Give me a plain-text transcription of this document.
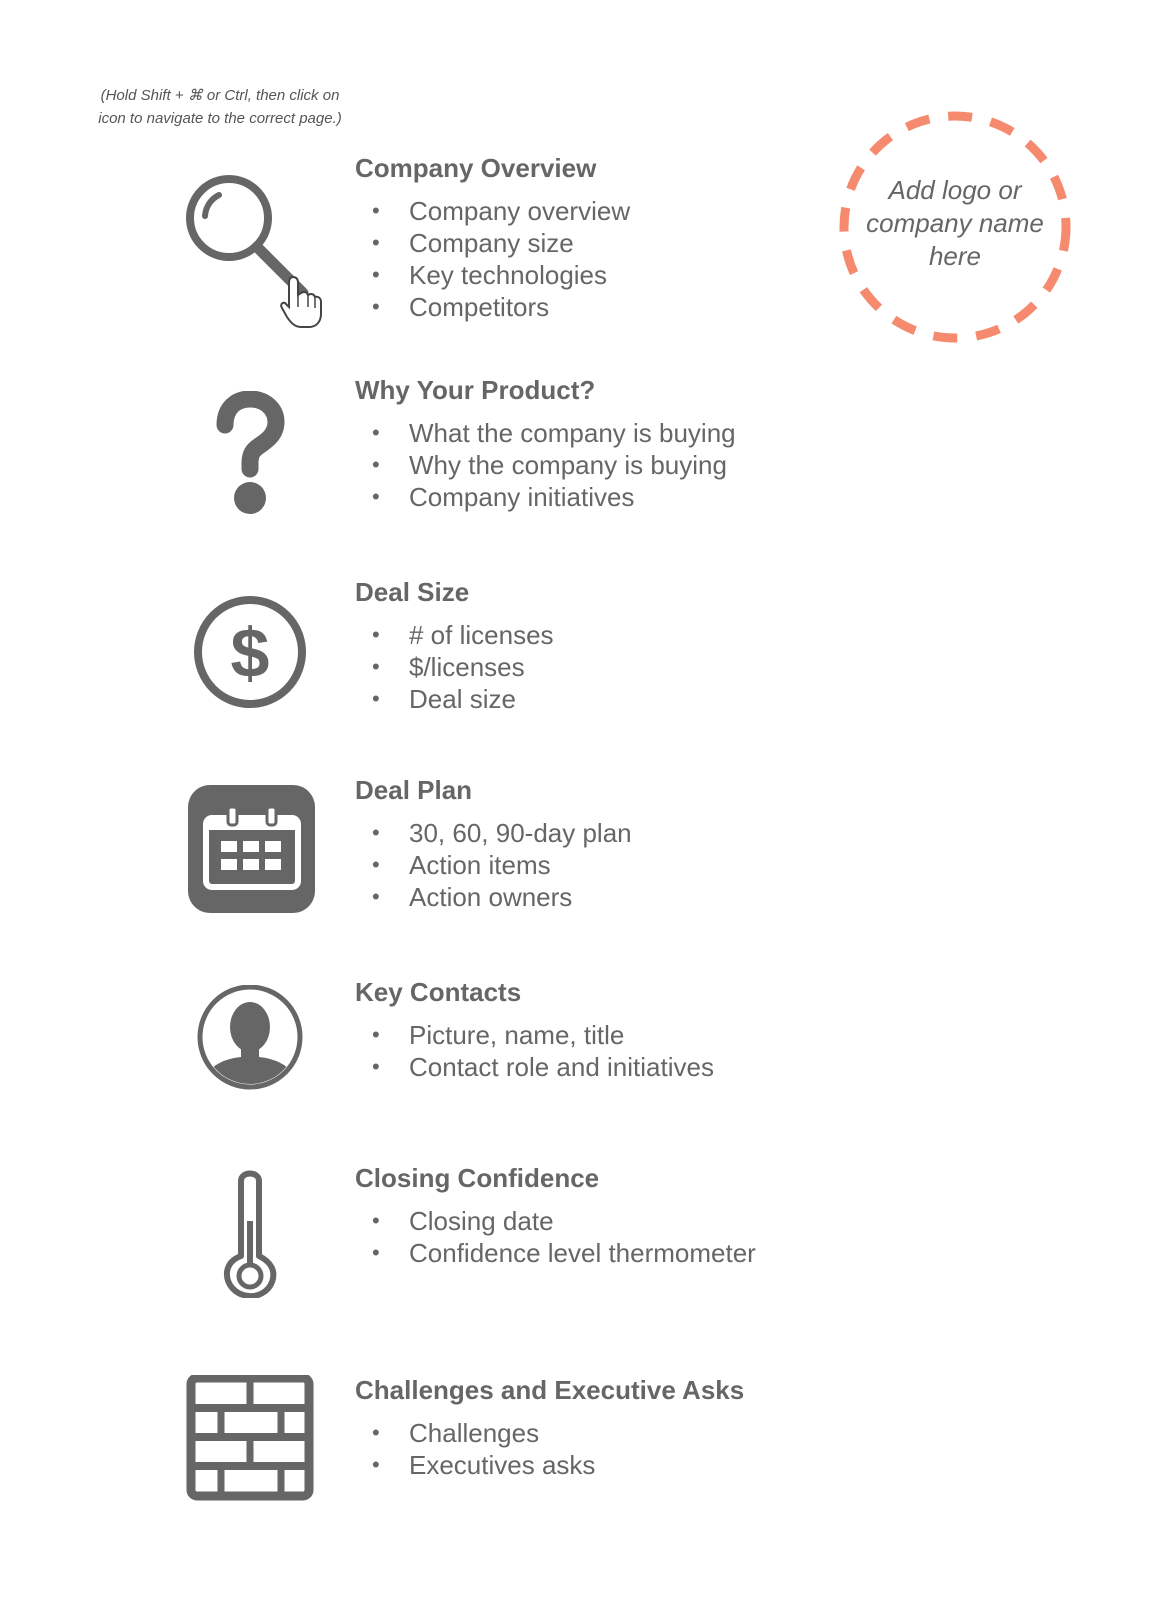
(Hold Shift + ⌘ or Ctrl, then click on
icon to navigate to the correct page.)
Add logo or
company name
here
Company Overview
• Company overview
• Company size
• Key technologies
• Competitors
Why Your Product?
• What the company is buying
• Why the company is buying
• Company initiatives
$
Deal Size
• # of licenses
• $/licenses
• Deal size
Deal Plan
• 30, 60, 90-day plan
• Action items
• Action owners
Key Contacts
• Picture, name, title
• Contact role and initiatives
Closing Confidence
• Closing date
• Confidence level thermometer
Challenges and Executive Asks
• Challenges
• Executives asks
